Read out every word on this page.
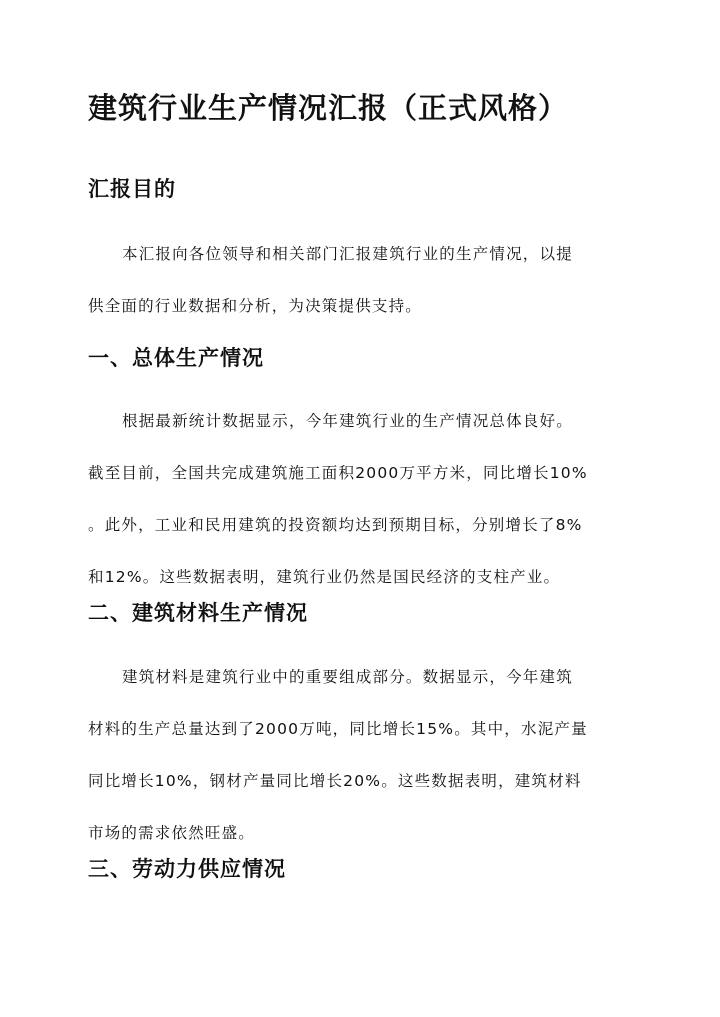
建筑行业生产情况汇报（正式风格）
汇报目的
本汇报向各位领导和相关部门汇报建筑行业的生产情况，以提
供全面的行业数据和分析，为决策提供支持。
一、总体生产情况
根据最新统计数据显示，今年建筑行业的生产情况总体良好。
截至目前，全国共完成建筑施工面积2000万平方米，同比增长10%
。此外，工业和民用建筑的投资额均达到预期目标，分别增长了8%
和12%。这些数据表明，建筑行业仍然是国民经济的支柱产业。
二、建筑材料生产情况
建筑材料是建筑行业中的重要组成部分。数据显示，今年建筑
材料的生产总量达到了2000万吨，同比增长15%。其中，水泥产量
同比增长10%，钢材产量同比增长20%。这些数据表明，建筑材料
市场的需求依然旺盛。
三、劳动力供应情况
